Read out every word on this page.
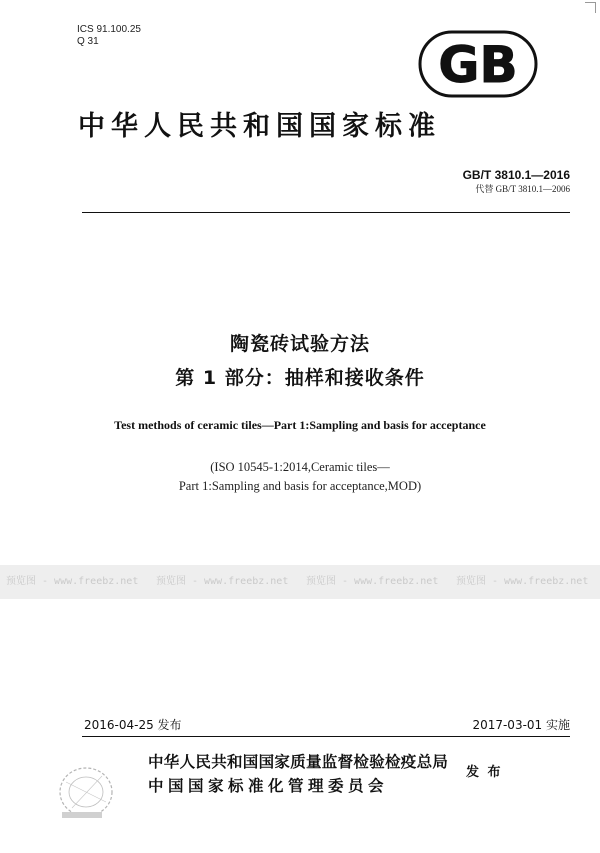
ICS 91.100.25
Q 31	GB
中华人民共和国国家标准
GB/T 3810.1—2016
代替 GB/T 3810.1—2006
陶瓷砖试验方法
第 1 部分：抽样和接收条件
Test methods of ceramic tiles—Part 1:Sampling and basis for acceptance
(ISO 10545-1:2014,Ceramic tiles—
Part 1:Sampling and basis for acceptance,MOD)
预览图 - www.freebz.net 预览图 - www.freebz.net 预览图 - www.freebz.net 预览图 - www.freebz.net
2016-04-25 发布	2017-03-01 实施
中华人民共和国国家质量监督检验检疫总局
中国国家标准化管理委员会
发 布
